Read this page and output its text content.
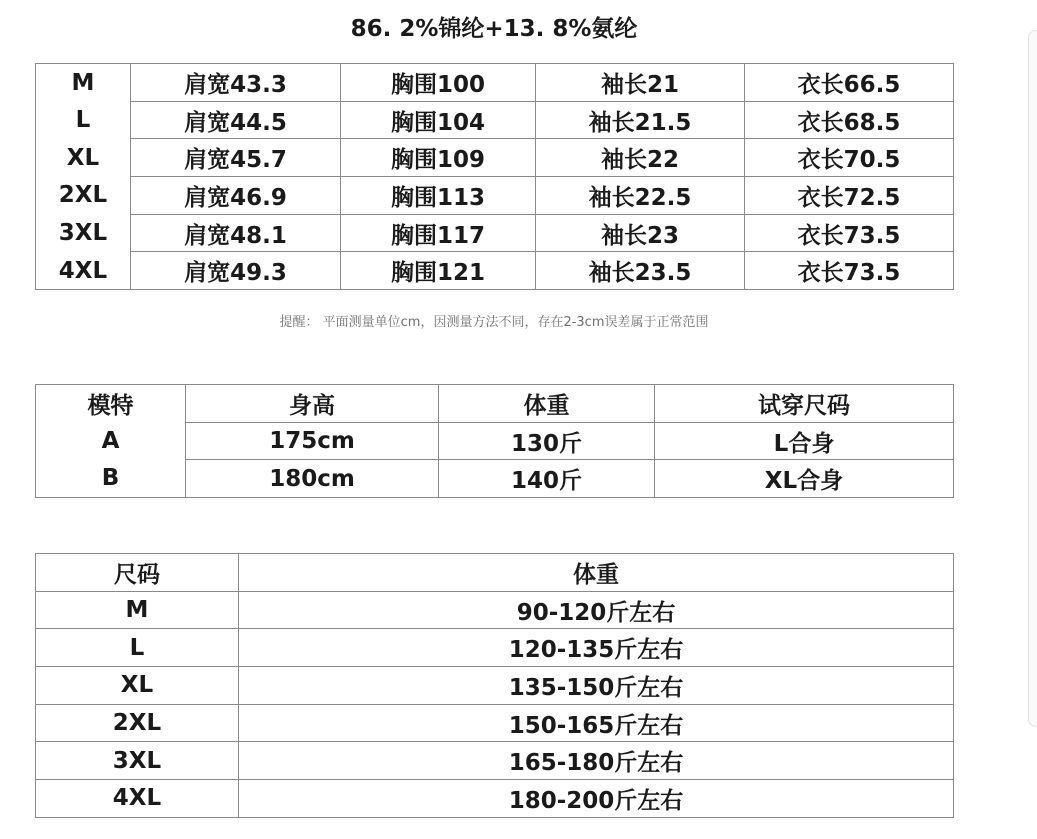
86. 2%锦纶+13. 8%氨纶
M	肩宽43.3	胸围100	袖长21	衣长66.5
L	肩宽44.5	胸围104	袖长21.5	衣长68.5
XL	肩宽45.7	胸围109	袖长22	衣长70.5
2XL	肩宽46.9	胸围113	袖长22.5	衣长72.5
3XL	肩宽48.1	胸围117	袖长23	衣长73.5
4XL	肩宽49.3	胸围121	袖长23.5	衣长73.5
提醒： 平面测量单位cm，因测量方法不同，存在2-3cm误差属于正常范围
模特	身高	体重	试穿尺码
A	175cm	130斤	L合身
B	180cm	140斤	XL合身
尺码	体重
M	90-120斤左右
L	120-135斤左右
XL	135-150斤左右
2XL	150-165斤左右
3XL	165-180斤左右
4XL	180-200斤左右
